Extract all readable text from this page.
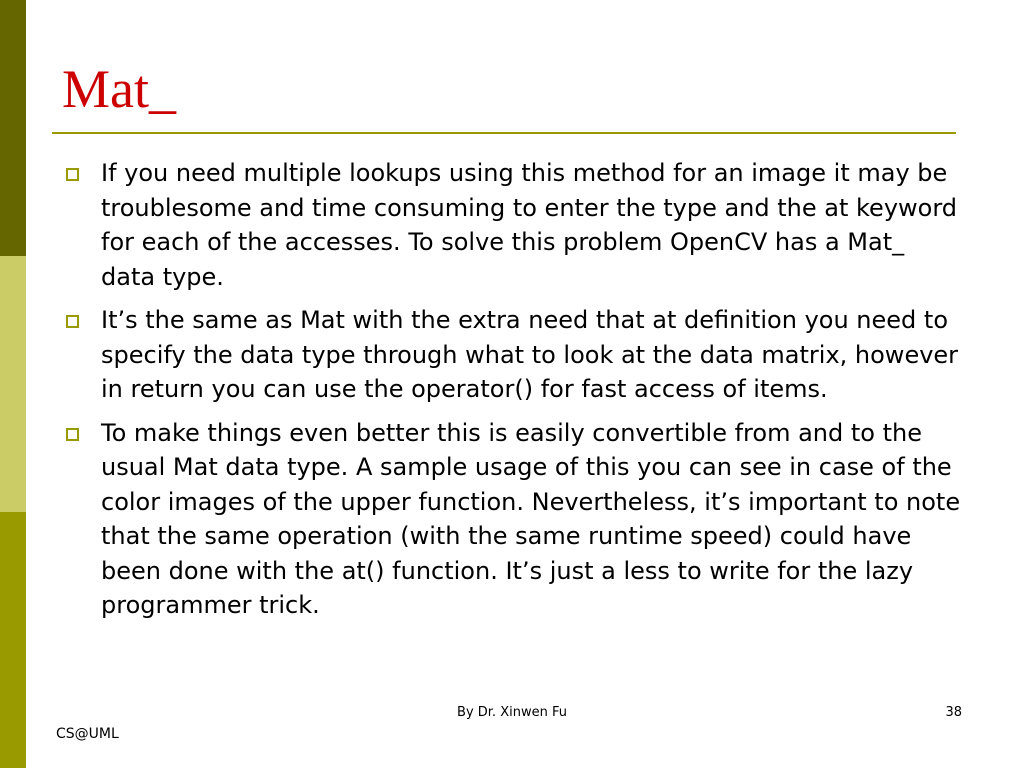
Mat_
If you need multiple lookups using this method for an image it may be troublesome and time consuming to enter the type and the at keyword for each of the accesses. To solve this problem OpenCV has a Mat_ data type.
It’s the same as Mat with the extra need that at definition you need to specify the data type through what to look at the data matrix, however in return you can use the operator() for fast access of items.
To make things even better this is easily convertible from and to the usual Mat data type. A sample usage of this you can see in case of the color images of the upper function. Nevertheless, it’s important to note that the same operation (with the same runtime speed) could have been done with the at() function. It’s just a less to write for the lazy programmer trick.
By Dr. Xinwen Fu	38
CS@UML
